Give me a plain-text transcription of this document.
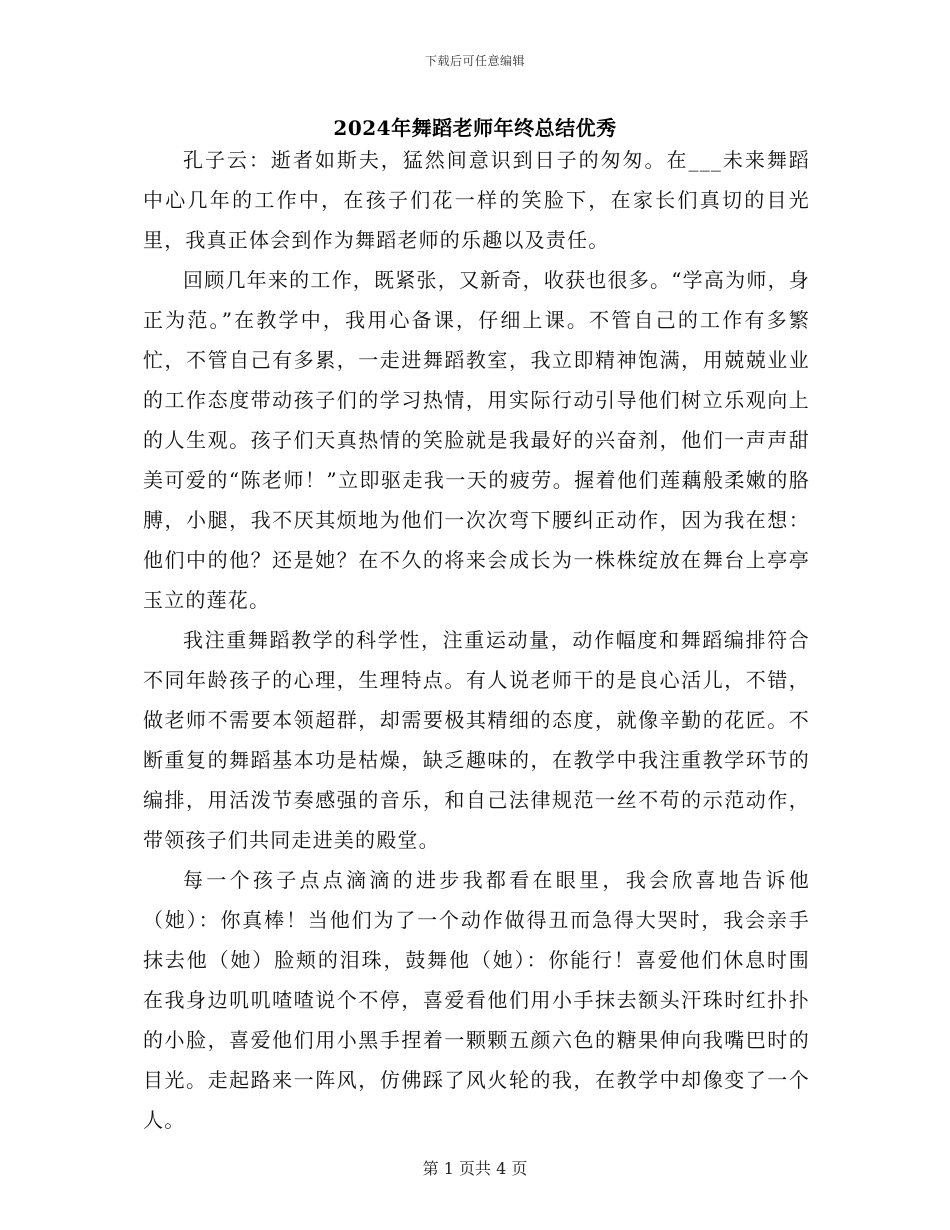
下载后可任意编辑
2024年舞蹈老师年终总结优秀

孔子云：逝者如斯夫，猛然间意识到日子的匆匆。在___未来舞蹈中心几年的工作中，在孩子们花一样的笑脸下，在家长们真切的目光里，我真正体会到作为舞蹈老师的乐趣以及责任。

回顾几年来的工作，既紧张，又新奇，收获也很多。“学高为师，身正为范。”在教学中，我用心备课，仔细上课。不管自己的工作有多繁忙，不管自己有多累，一走进舞蹈教室，我立即精神饱满，用兢兢业业的工作态度带动孩子们的学习热情，用实际行动引导他们树立乐观向上的人生观。孩子们天真热情的笑脸就是我最好的兴奋剂，他们一声声甜美可爱的“陈老师！”立即驱走我一天的疲劳。握着他们莲藕般柔嫩的胳膊，小腿，我不厌其烦地为他们一次次弯下腰纠正动作，因为我在想：他们中的他？还是她？在不久的将来会成长为一株株绽放在舞台上亭亭玉立的莲花。

我注重舞蹈教学的科学性，注重运动量，动作幅度和舞蹈编排符合不同年龄孩子的心理，生理特点。有人说老师干的是良心活儿，不错，做老师不需要本领超群，却需要极其精细的态度，就像辛勤的花匠。不断重复的舞蹈基本功是枯燥，缺乏趣味的，在教学中我注重教学环节的编排，用活泼节奏感强的音乐，和自己法律规范一丝不苟的示范动作，带领孩子们共同走进美的殿堂。

每一个孩子点点滴滴的进步我都看在眼里，我会欣喜地告诉他（她）：你真棒！当他们为了一个动作做得丑而急得大哭时，我会亲手抹去他（她）脸颊的泪珠，鼓舞他（她）：你能行！喜爱他们休息时围在我身边叽叽喳喳说个不停，喜爱看他们用小手抹去额头汗珠时红扑扑的小脸，喜爱他们用小黑手捏着一颗颗五颜六色的糖果伸向我嘴巴时的目光。走起路来一阵风，仿佛踩了风火轮的我，在教学中却像变了一个人。

第 1 页共 4 页
